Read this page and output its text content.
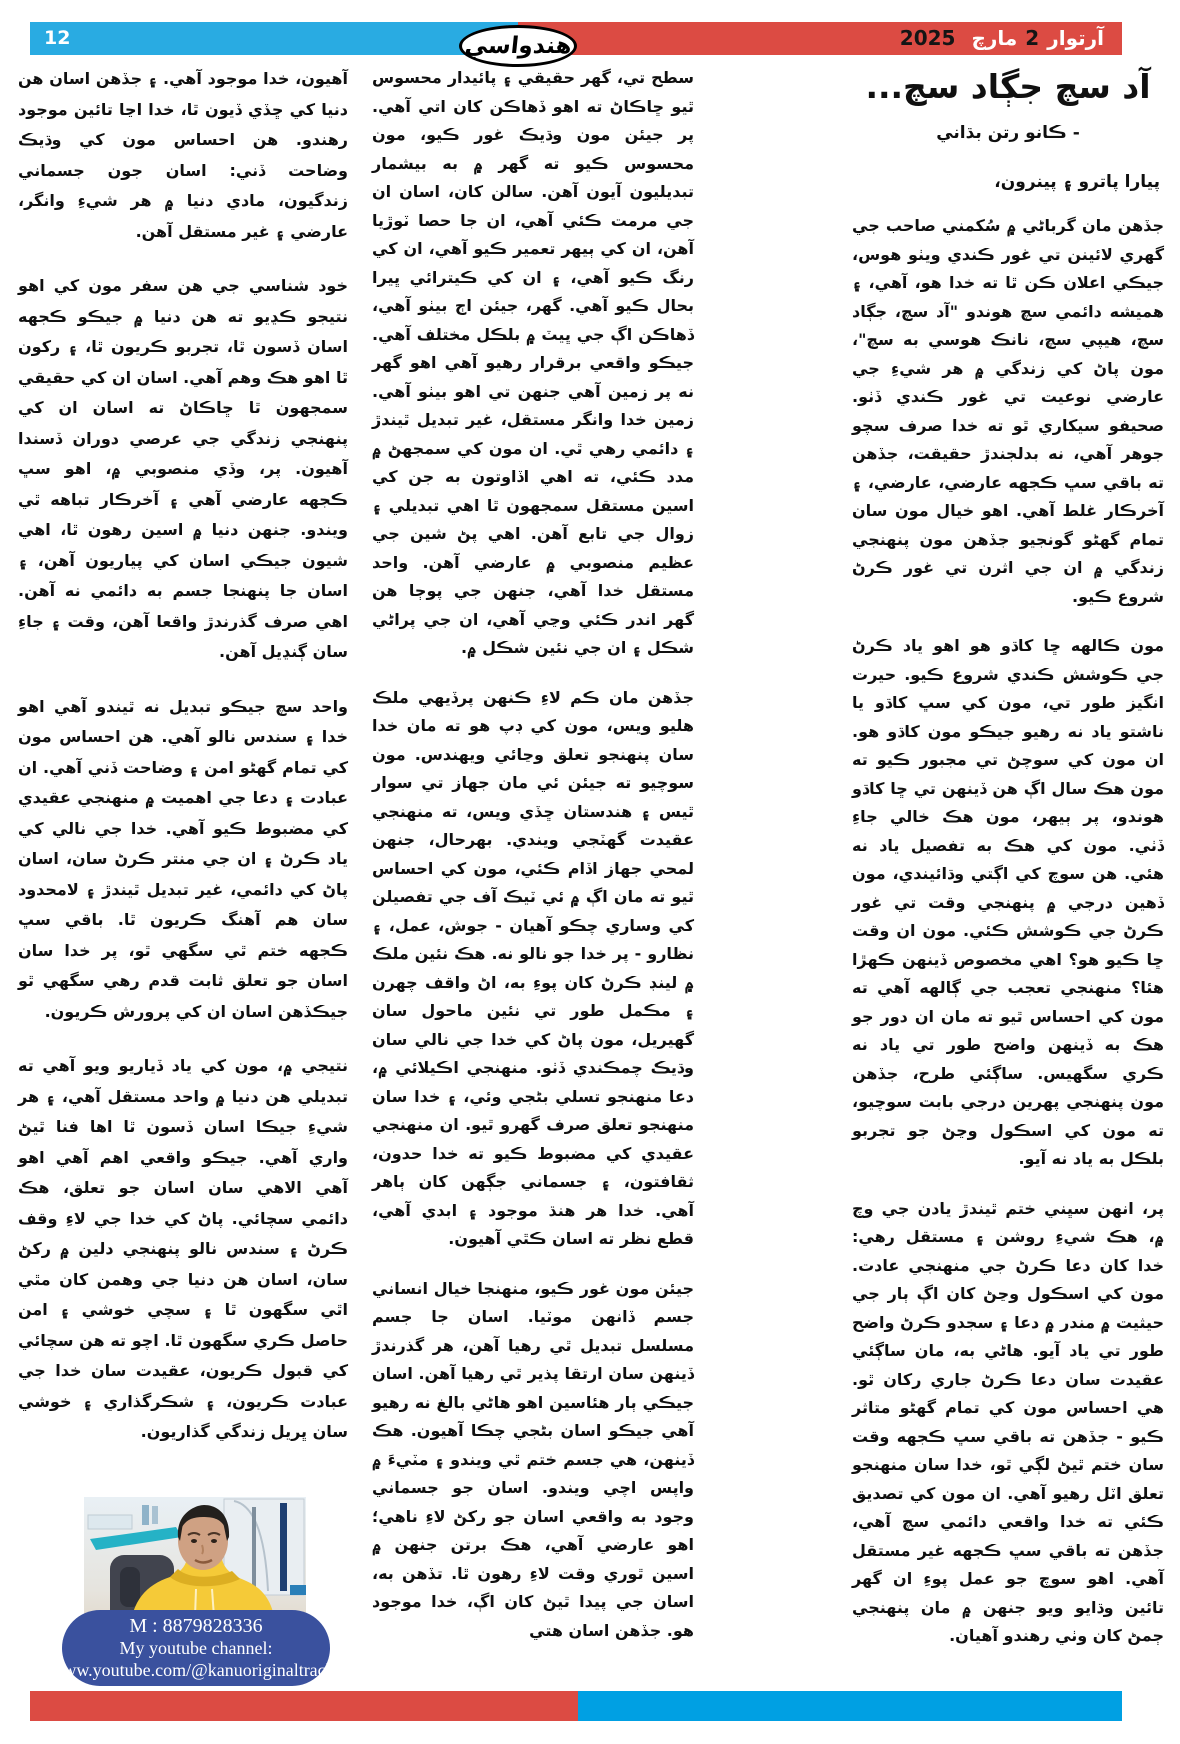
12	آرتوار2مارچ  2025
هندواسي
آد سچ جڳاد سچ...
- ڪانو رتن بڌاني
پيارا پاترو ۽ پينرون،

جڏهن مان گرباڻي ۾ سُکمني صاحب جي گهري لائينن تي غور ڪندي ويٺو هوس، جيڪي اعلان ڪن ٿا ته خدا هو، آهي، ۽ هميشه دائمي سچ هوندو "آد سچ، جڳاد سچ، هيپي سچ، نانڪ هوسي به سچ"، مون پاڻ کي زندگي ۾ هر شيءِ جي عارضي نوعيت تي غور ڪندي ڏٺو. صحيفو سيکاري ٿو ته خدا صرف سچو جوهر آهي، نه بدلجندڙ حقيقت، جڏهن ته باقي سڀ ڪجهه عارضي، عارضي، ۽ آخرڪار غلط آهي. اهو خيال مون سان تمام گهڻو گونجيو جڏهن مون پنهنجي زندگي ۾ ان جي اثرن تي غور ڪرڻ شروع ڪيو.

مون ڪالهه ڇا کاڌو هو اهو ياد ڪرڻ جي ڪوشش ڪندي شروع ڪيو. حيرت انگيز طور تي، مون کي سڀ کاڌو يا ناشتو ياد نه رهيو جيڪو مون کاڌو هو. ان مون کي سوچڻ تي مجبور ڪيو ته مون هڪ سال اڳ هن ڏينهن تي ڇا کاڌو هوندو، پر ٻيهر، مون هڪ خالي جاءِ ڏٺي. مون کي هڪ به تفصيل ياد نه هئي. هن سوچ کي اڳتي وڌائيندي، مون ڏهين درجي ۾ پنهنجي وقت تي غور ڪرڻ جي ڪوشش ڪئي. مون ان وقت ڇا ڪيو هو؟ اهي مخصوص ڏينهن ڪهڙا هئا؟ منهنجي تعجب جي ڳالهه آهي ته مون کي احساس ٿيو ته مان ان دور جو هڪ به ڏينهن واضح طور تي ياد نه ڪري سگهيس. ساڳئي طرح، جڏهن مون پنهنجي پهرين درجي بابت سوچيو، ته مون کي اسڪول وڃڻ جو تجربو بلڪل به ياد نه آيو.

پر، انهن سڀني ختم ٿيندڙ يادن جي وچ ۾، هڪ شيءِ روشن ۽ مستقل رهي: خدا کان دعا ڪرڻ جي منهنجي عادت. مون کي اسڪول وڃڻ کان اڳ ٻار جي حيثيت ۾ مندر ۾ دعا ۽ سجدو ڪرڻ واضح طور تي ياد آيو. هاڻي به، مان ساڳئي عقيدت سان دعا ڪرڻ جاري رکان ٿو. هي احساس مون کي تمام گهڻو متاثر ڪيو - جڏهن ته باقي سڀ ڪجهه وقت سان ختم ٿيڻ لڳي ٿو، خدا سان منهنجو تعلق اٽل رهيو آهي. ان مون کي تصديق ڪئي ته خدا واقعي دائمي سچ آهي، جڏهن ته باقي سڀ ڪجهه غير مستقل آهي. اهو سوچ جو عمل پوءِ ان گهر تائين وڌايو ويو جنهن ۾ مان پنهنجي ڄمڻ کان وٺي رهندو آهيان.

سطح تي، گهر حقيقي ۽ پائيدار محسوس ٿيو ڇاڪاڻ ته اهو ڏهاڪن کان اتي آهي. پر جيئن مون وڌيڪ غور ڪيو، مون محسوس ڪيو ته گهر ۾ به بيشمار تبديليون آيون آهن. سالن کان، اسان ان جي مرمت ڪئي آهي، ان جا حصا ٽوڙيا آهن، ان کي ٻيهر تعمير ڪيو آهي، ان کي رنگ ڪيو آهي، ۽ ان کي ڪيترائي ڀيرا بحال ڪيو آهي. گهر، جيئن اڄ بيٺو آهي، ڏهاڪن اڳ جي ڀيٽ ۾ بلڪل مختلف آهي. جيڪو واقعي برقرار رهيو آهي اهو گهر نه پر زمين آهي جنهن تي اهو بيٺو آهي. زمين خدا وانگر مستقل، غير تبديل ٿيندڙ ۽ دائمي رهي ٿي. ان مون کي سمجهڻ ۾ مدد ڪئي، ته اهي اڏاوتون به جن کي اسين مستقل سمجهون ٿا اهي تبديلي ۽ زوال جي تابع آهن. اهي پڻ شين جي عظيم منصوبي ۾ عارضي آهن. واحد مستقل خدا آهي، جنهن جي پوڄا هن گهر اندر ڪئي وڃي آهي، ان جي پراڻي شڪل ۽ ان جي نئين شڪل ۾.

جڏهن مان ڪم لاءِ ڪنهن پرڏيهي ملڪ هليو ويس، مون کي ڊپ هو ته مان خدا سان پنهنجو تعلق وڃائي ويهندس. مون سوچيو ته جيئن ئي مان جهاز تي سوار ٿيس ۽ هندستان ڇڏي ويس، ته منهنجي عقيدت گهٽجي ويندي. بهرحال، جنهن لمحي جهاز اڏام ڪئي، مون کي احساس ٿيو ته مان اڳ ۾ ئي ٽيڪ آف جي تفصيلن کي وساري چڪو آهيان - جوش، عمل، ۽ نظارو - پر خدا جو نالو نه. هڪ نئين ملڪ ۾ لينڊ ڪرڻ کان پوءِ به، اڻ واقف چهرن ۽ مڪمل طور تي نئين ماحول سان گهيريل، مون پاڻ کي خدا جي نالي سان وڌيڪ چمڪندي ڏٺو. منهنجي اڪيلائي ۾، دعا منهنجو تسلي بڻجي وئي، ۽ خدا سان منهنجو تعلق صرف گهرو ٿيو. ان منهنجي عقيدي کي مضبوط ڪيو ته خدا حدون، ثقافتون، ۽ جسماني جڳهن کان ٻاهر آهي. خدا هر هنڌ موجود ۽ ابدي آهي، قطع نظر ته اسان ڪٿي آهيون.

جيئن مون غور ڪيو، منهنجا خيال انساني جسم ڏانهن موٽيا. اسان جا جسم مسلسل تبديل ٿي رهيا آهن، هر گذرندڙ ڏينهن سان ارتقا پذير ٿي رهيا آهن. اسان جيڪي ٻار هئاسين اهو هاڻي بالغ نه رهيو آهي جيڪو اسان بڻجي چڪا آهيون. هڪ ڏينهن، هي جسم ختم ٿي ويندو ۽ مٽيءَ ۾ واپس اچي ويندو. اسان جو جسماني وجود به واقعي اسان جو رکڻ لاءِ ناهي؛ اهو عارضي آهي، هڪ برتن جنهن ۾ اسين ٿوري وقت لاءِ رهون ٿا. تڏهن به، اسان جي پيدا ٿيڻ کان اڳ، خدا موجود هو. جڏهن اسان هتي

آهيون، خدا موجود آهي. ۽ جڏهن اسان هن دنيا کي ڇڏي ڏيون ٿا، خدا اڃا تائين موجود رهندو. هن احساس مون کي وڌيڪ وضاحت ڏني: اسان جون جسماني زندگيون، مادي دنيا ۾ هر شيءِ وانگر، عارضي ۽ غير مستقل آهن.

خود شناسي جي هن سفر مون کي اهو نتيجو ڪڍيو ته هن دنيا ۾ جيڪو ڪجهه اسان ڏسون ٿا، تجربو ڪريون ٿا، ۽ رکون ٿا اهو هڪ وهم آهي. اسان ان کي حقيقي سمجهون ٿا ڇاڪاڻ ته اسان ان کي پنهنجي زندگي جي عرصي دوران ڏسندا آهيون. پر، وڏي منصوبي ۾، اهو سڀ ڪجهه عارضي آهي ۽ آخرڪار تباهه ٿي ويندو. جنهن دنيا ۾ اسين رهون ٿا، اهي شيون جيڪي اسان کي پياريون آهن، ۽ اسان جا پنهنجا جسم به دائمي نه آهن. اهي صرف گذرندڙ واقعا آهن، وقت ۽ جاءِ سان ڳنڍيل آهن.

واحد سچ جيڪو تبديل نه ٿيندو آهي اهو خدا ۽ سندس نالو آهي. هن احساس مون کي تمام گهڻو امن ۽ وضاحت ڏني آهي. ان عبادت ۽ دعا جي اهميت ۾ منهنجي عقيدي کي مضبوط ڪيو آهي. خدا جي نالي کي ياد ڪرڻ ۽ ان جي منتر ڪرڻ سان، اسان پاڻ کي دائمي، غير تبديل ٿيندڙ ۽ لامحدود سان هم آهنگ ڪريون ٿا. باقي سڀ ڪجهه ختم ٿي سگهي ٿو، پر خدا سان اسان جو تعلق ثابت قدم رهي سگهي ٿو جيڪڏهن اسان ان کي پرورش ڪريون.

نتيجي ۾، مون کي ياد ڏياريو ويو آهي ته تبديلي هن دنيا ۾ واحد مستقل آهي، ۽ هر شيءِ جيڪا اسان ڏسون ٿا اها فنا ٿيڻ واري آهي. جيڪو واقعي اهم آهي اهو آهي الاهي سان اسان جو تعلق، هڪ دائمي سچائي. پاڻ کي خدا جي لاءِ وقف ڪرڻ ۽ سندس نالو پنهنجي دلين ۾ رکڻ سان، اسان هن دنيا جي وهمن کان مٿي اٿي سگهون ٿا ۽ سچي خوشي ۽ امن حاصل ڪري سگهون ٿا. اچو ته هن سچائي کي قبول ڪريون، عقيدت سان خدا جي عبادت ڪريون، ۽ شڪرگذاري ۽ خوشي سان ڀريل زندگي گذاريون.

M : 8879828336
My youtube channel:
www.youtube.com/@kanuoriginaltracks
